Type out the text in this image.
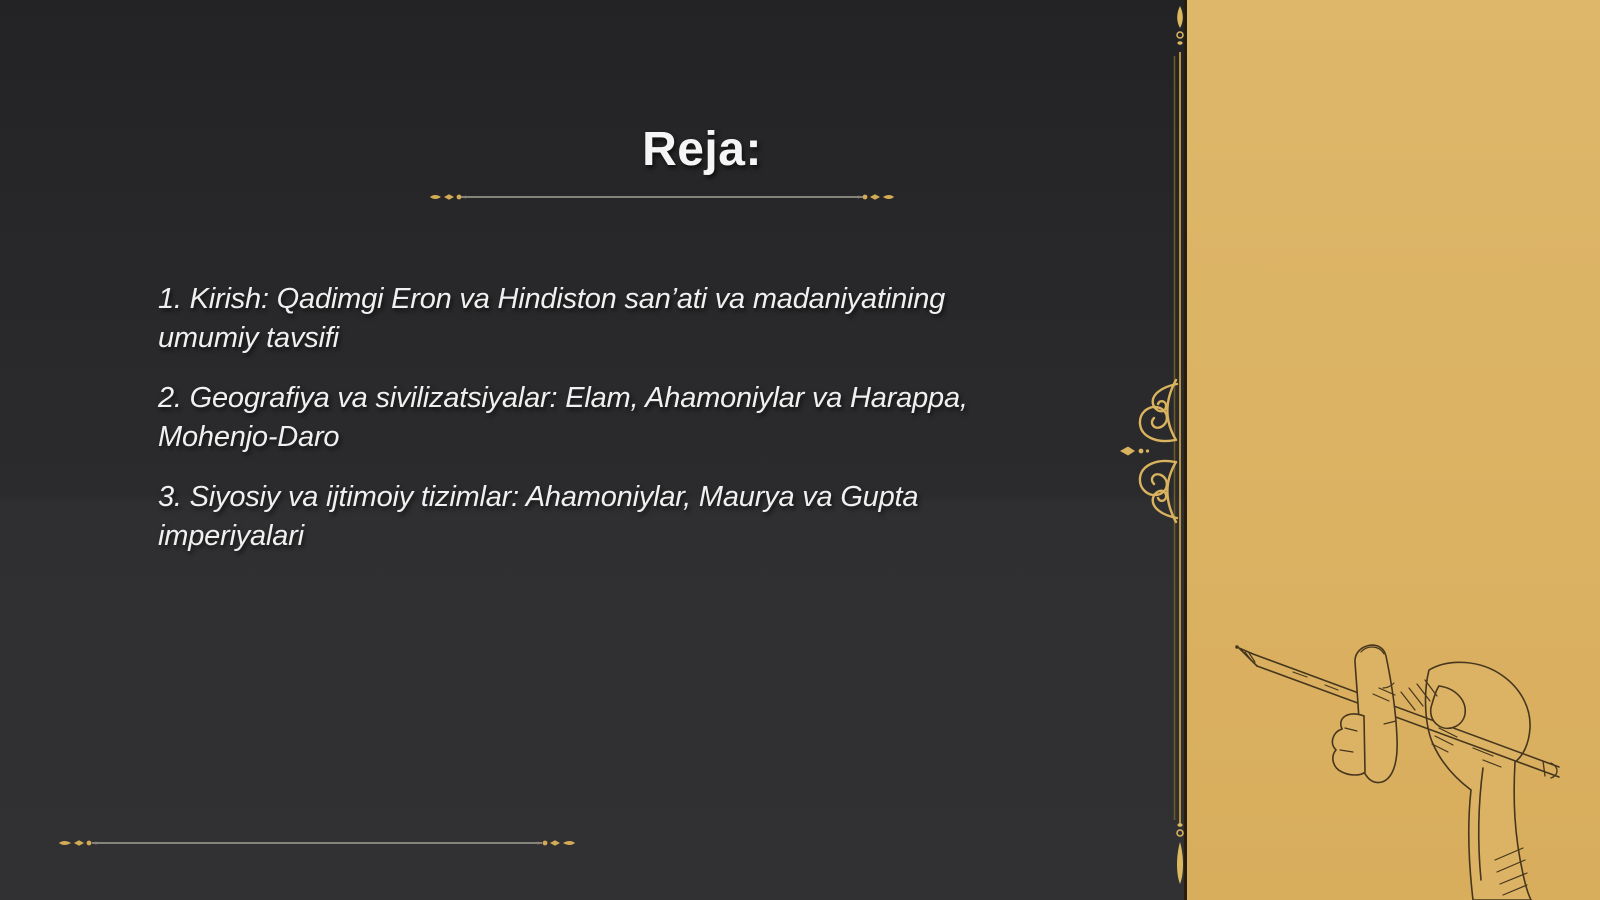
Reja:

1. Kirish: Qadimgi Eron va Hindiston san’ati va madaniyatining
umumiy tavsifi

2. Geografiya va sivilizatsiyalar: Elam, Ahamoniylar va Harappa,
Mohenjo-Daro

3. Siyosiy va ijtimoiy tizimlar: Ahamoniylar, Maurya va Gupta
imperiyalari
